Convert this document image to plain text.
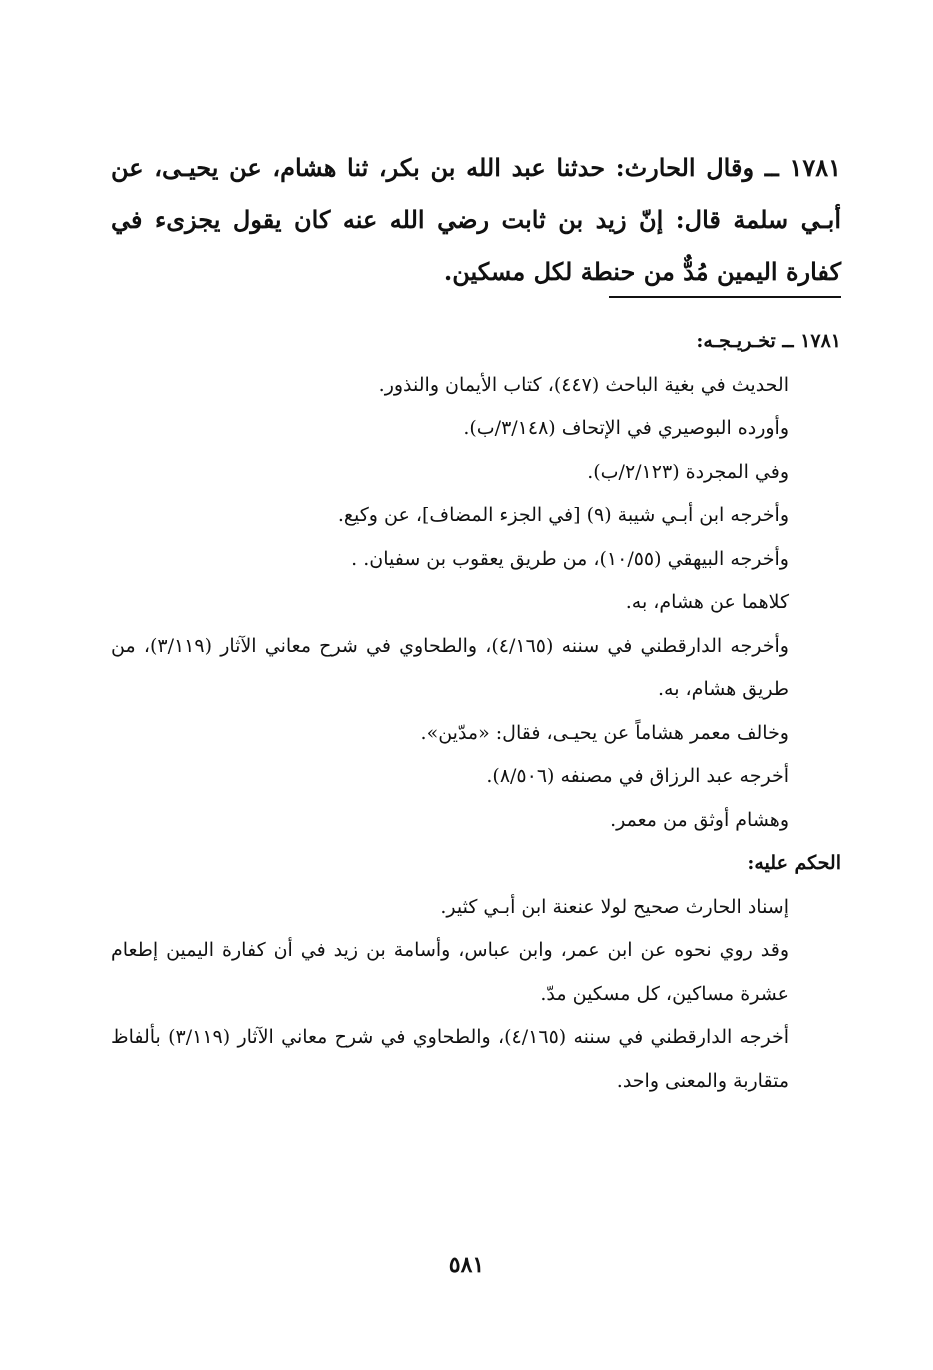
١٧٨١ ــ وقال الحارث: حدثنا عبد الله بن بكر، ثنا هشام، عن يحيـى، عن أبـي سلمة قال: إنّ زيد بن ثابت رضي الله عنه كان يقول يجزىء في كفارة اليمين مُدٌّ من حنطة لكل مسكين.

١٧٨١ ــ تخـريـجـه:
الحديث في بغية الباحث (٤٤٧)، كتاب الأيمان والنذور.
وأورده البوصيري في الإتحاف (٣/١٤٨/ب).
وفي المجردة (٢/١٢٣/ب).
وأخرجه ابن أبـي شيبة (٩) [في الجزء المضاف]، عن وكيع.
وأخرجه البيهقي (١٠/٥٥)، من طريق يعقوب بن سفيان. .
كلاهما عن هشام، به.
وأخرجه الدارقطني في سننه (٤/١٦٥)، والطحاوي في شرح معاني الآثار (٣/١١٩)، من طريق هشام، به.
وخالف معمر هشاماً عن يحيـى، فقال: «مدّين».
أخرجه عبد الرزاق في مصنفه (٨/٥٠٦).
وهشام أوثق من معمر.
الحكم عليه:
إسناد الحارث صحيح لولا عنعنة ابن أبـي كثير.
وقد روي نحوه عن ابن عمر، وابن عباس، وأسامة بن زيد في أن كفارة اليمين إطعام عشرة مساكين، كل مسكين مدّ.
أخرجه الدارقطني في سننه (٤/١٦٥)، والطحاوي في شرح معاني الآثار (٣/١١٩) بألفاظ متقاربة والمعنى واحد.
٥٨١
